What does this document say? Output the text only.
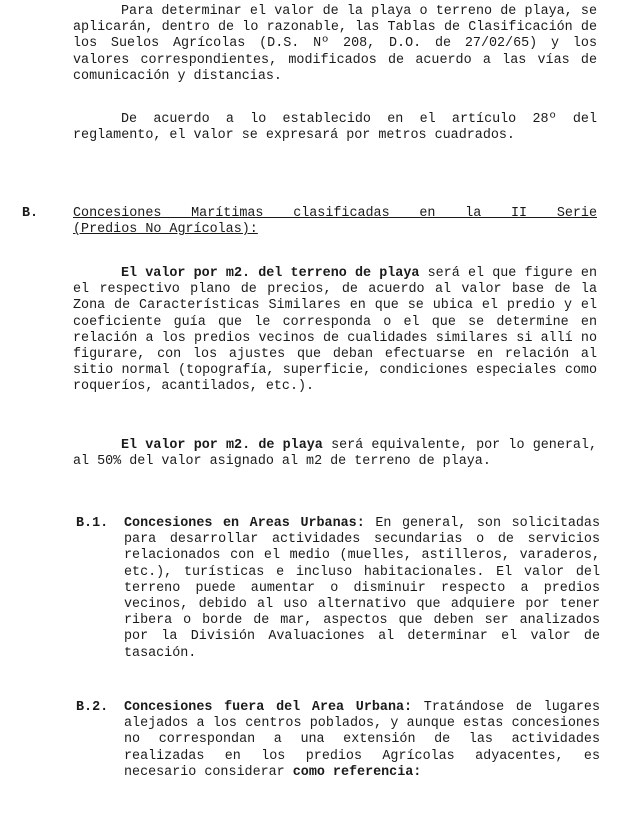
Para determinar el valor de la playa o terreno de playa, se aplicarán, dentro de lo razonable, las Tablas de Clasificación de los Suelos Agrícolas (D.S. Nº 208, D.O. de 27/02/65) y los valores correspondientes, modificados de acuerdo a las vías de comunicación y distancias.

De acuerdo a lo establecido en el artículo 28º del reglamento, el valor se expresará por metros cuadrados.

B.	Concesiones Marítimas clasificadas en la II Serie
(Predios No Agrícolas):

El valor por m2. del terreno de playa será el que figure en el respectivo plano de precios, de acuerdo al valor base de la Zona de Características Similares en que se ubica el predio y el coeficiente guía que le corresponda o el que se determine en relación a los predios vecinos de cualidades similares si allí no figurare, con los ajustes que deban efectuarse en relación al sitio normal (topografía, superficie, condiciones especiales como roqueríos, acantilados, etc.).

El valor por m2. de playa será equivalente, por lo general, al 50% del valor asignado al m2 de terreno de playa.

B.1. Concesiones en Areas Urbanas: En general, son solicitadas para desarrollar actividades secundarias o de servicios relacionados con el medio (muelles, astilleros, varaderos, etc.), turísticas e incluso habitacionales. El valor del terreno puede aumentar o disminuir respecto a predios vecinos, debido al uso alternativo que adquiere por tener ribera o borde de mar, aspectos que deben ser analizados por la División Avaluaciones al determinar el valor de tasación.

B.2. Concesiones fuera del Area Urbana: Tratándose de lugares alejados a los centros poblados, y aunque estas concesiones no correspondan a una extensión de las actividades realizadas en los predios Agrícolas adyacentes, es necesario considerar como referencia:
